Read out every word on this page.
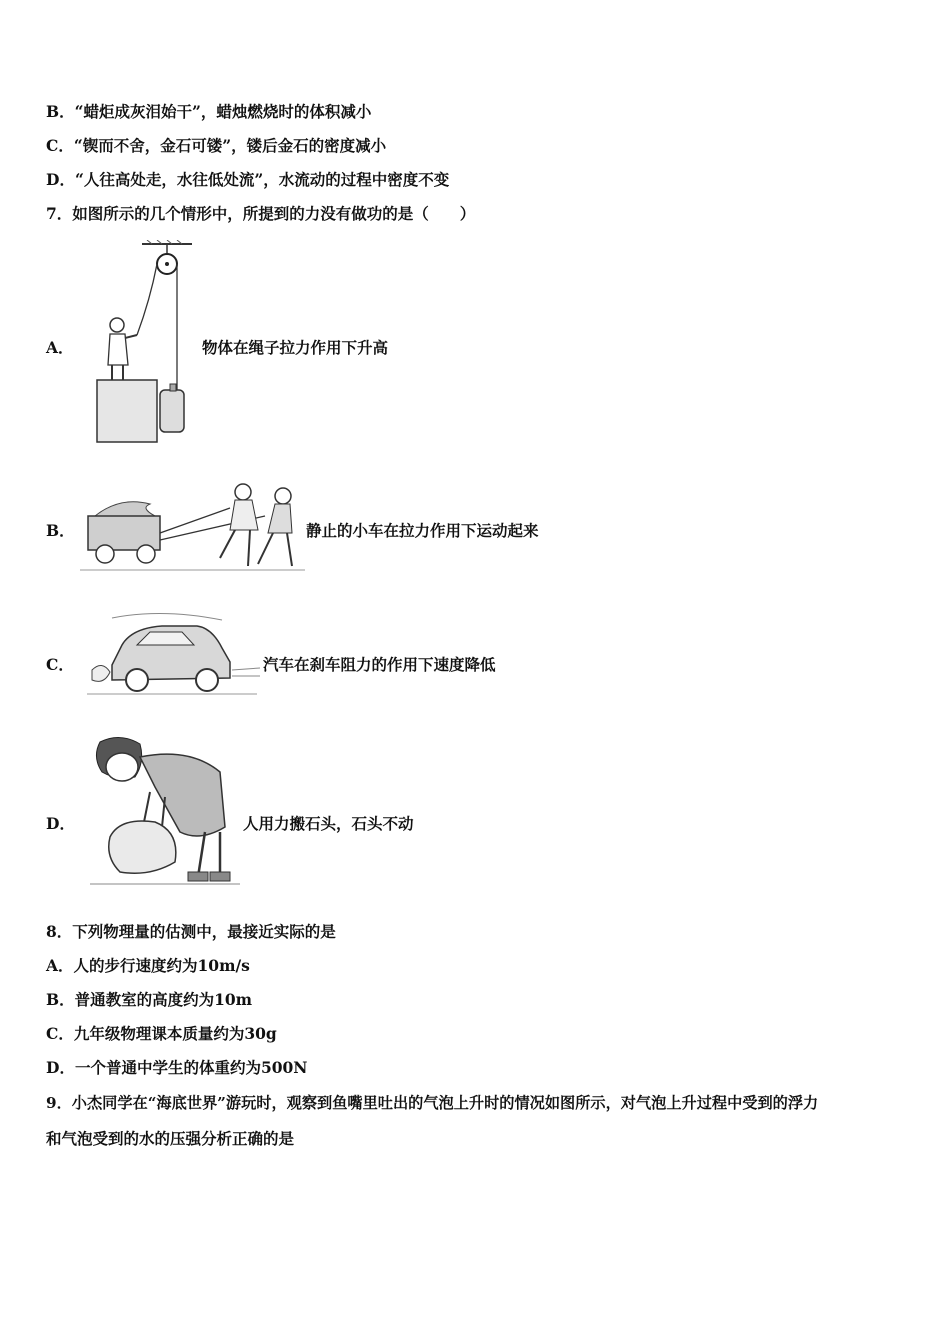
B．“蜡炬成灰泪始干”，蜡烛燃烧时的体积减小
C．“锲而不舍，金石可镂”，镂后金石的密度减小
D．“人往高处走，水往低处流”，水流动的过程中密度不变
7．如图所示的几个情形中，所提到的力没有做功的是（　　）
A．	物体在绳子拉力作用下升高
B．	静止的小车在拉力作用下运动起来
C．	汽车在刹车阻力的作用下速度降低
D．	人用力搬石头，石头不动
8．下列物理量的估测中，最接近实际的是
A．人的步行速度约为10m/s
B．普通教室的高度约为10m
C．九年级物理课本质量约为30g
D．一个普通中学生的体重约为500N
9．小杰同学在“海底世界”游玩时，观察到鱼嘴里吐出的气泡上升时的情况如图所示，对气泡上升过程中受到的浮力
和气泡受到的水的压强分析正确的是
